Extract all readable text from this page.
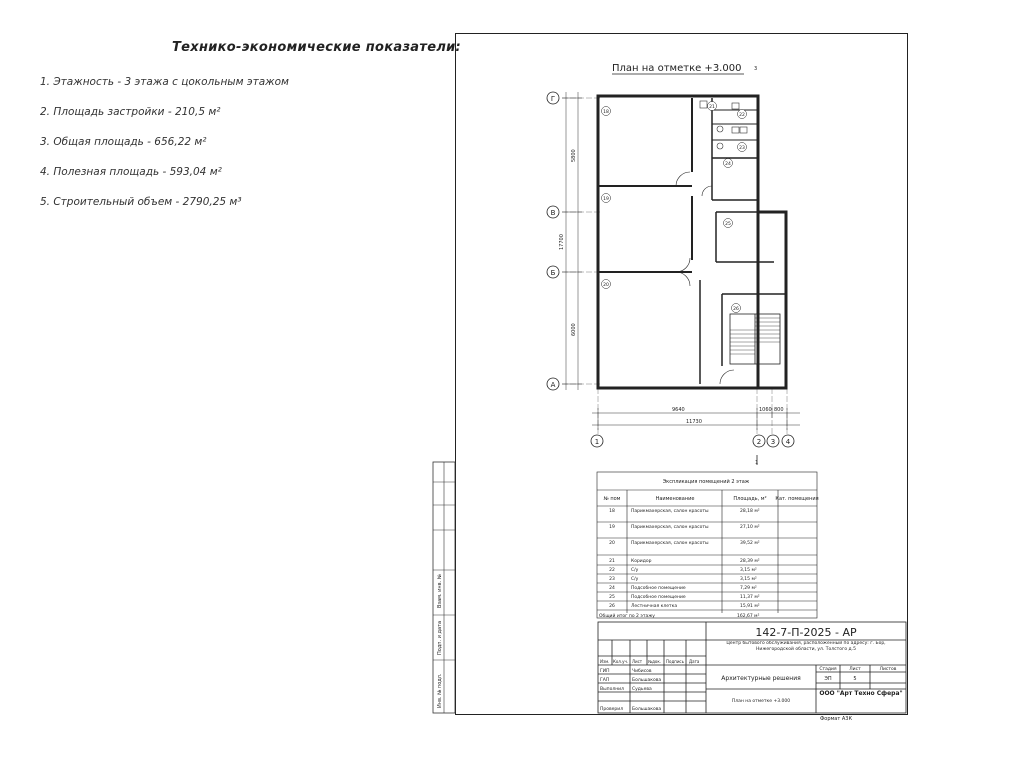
Технико-экономические показатели:
1. Этажность - 3 этажа с цокольным этажом
2. Площадь застройки - 210,5 м²
3. Общая площадь - 656,22 м²
4. Полезная площадь - 593,04 м²
5. Строительный объем - 2790,25 м³
Взам. инв. №
Подп. и дата
Инв. № подл.
План на отметке +3.000	3
Г
В
Б
А
1	2 3 4
5800
17700
6000
9640	1060 800
11730
18
19
20
21
22
23
24
25
26
1
Экспликация помещений 2 этаж
№ пом	Наименование	Площадь, м² Кат. помещения
18	Парикмахерская, салон красоты	28,18 м²
19	Парикмахерская, салон красоты	27,10 м²
20	Парикмахерская, салон красоты	39,52 м²
21	Коридор	28,39 м²
22	С/у	3,15 м²
23	С/у	3,15 м²
24	Подсобное помещение	7,29 м²
25	Подсобное помещение	11,37 м²
26	Лестничная клетка	15,91 м²
Общий итог по 2 этажу	162,67 м²
142-7-П-2025 - АР
Центр бытового обслуживания, расположенный по адресу: г. Бор, Нижегородской области, ул. Толстого д.5
Архитектурные решения
План на отметке +3.000
Стадия	Лист	Листов
ЭП	5
ООО "Арт Техно Сфера"
Изм. Кол.уч. Лист №док. Подпись Дата
ГИП	Чибисов
ГАП	Большакова
Выполнил Судьева
Проверил Большакова
Формат А3К
